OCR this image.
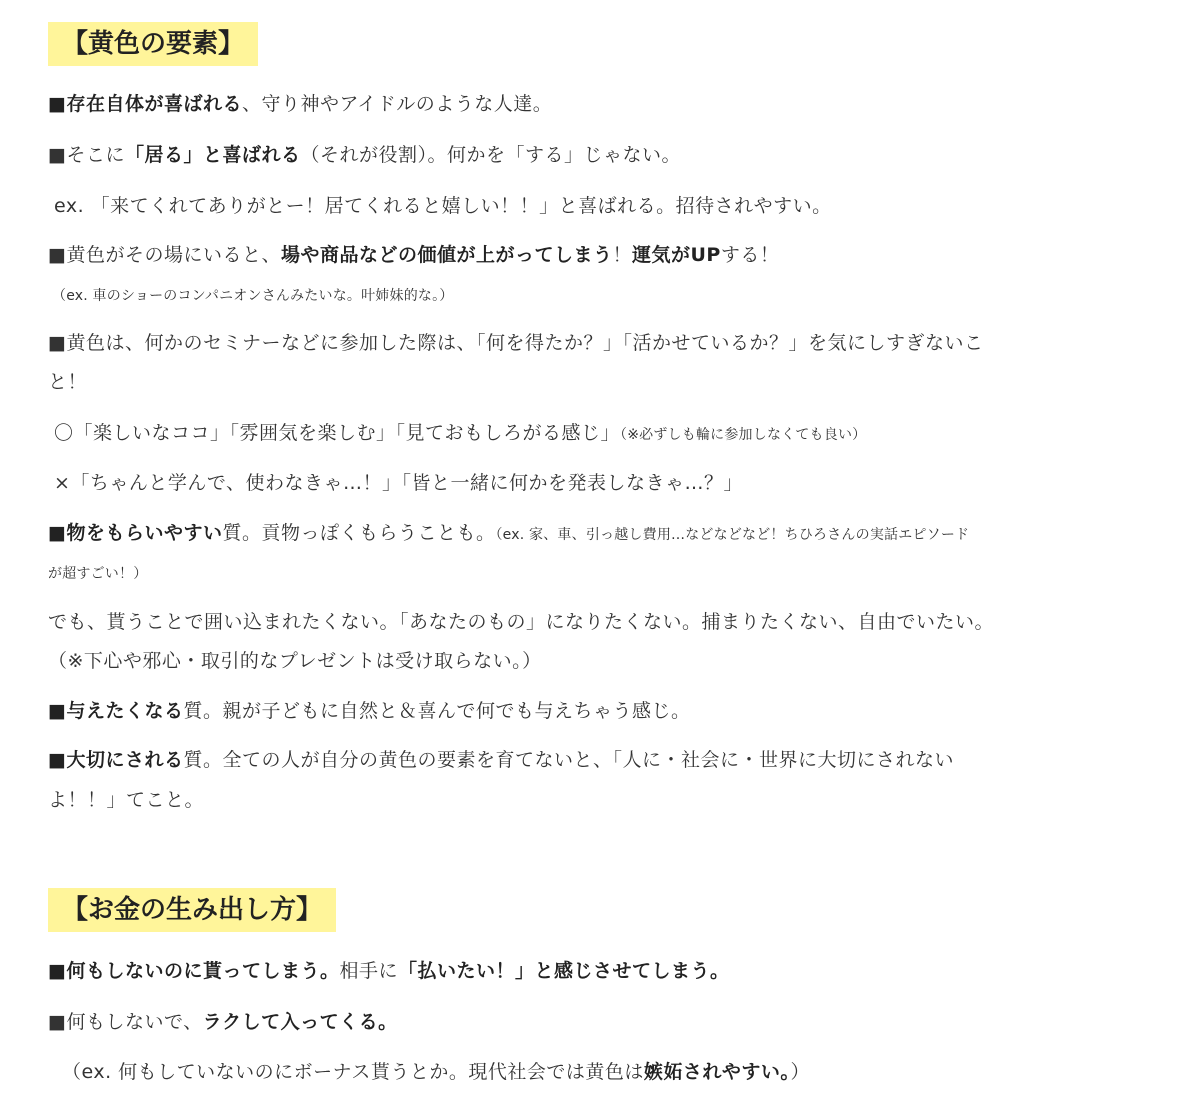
【黄色の要素】
■存在自体が喜ばれる、守り神やアイドルのような人達。
■そこに「居る」と喜ばれる（それが役割）。何かを「する」じゃない。
ex. 「来てくれてありがとー！居てくれると嬉しい！！」と喜ばれる。招待されやすい。
■黄色がその場にいると、場や商品などの価値が上がってしまう！運気がUPする！
（ex. 車のショーのコンパニオンさんみたいな。叶姉妹的な。）
■黄色は、何かのセミナーなどに参加した際は、「何を得たか？」「活かせているか？」を気にしすぎないこ
と！
〇「楽しいなココ」「雰囲気を楽しむ」「見ておもしろがる感じ」（※必ずしも輪に参加しなくても良い）
×「ちゃんと学んで、使わなきゃ…！」「皆と一緒に何かを発表しなきゃ…？」
■物をもらいやすい質。貢物っぽくもらうことも。（ex. 家、車、引っ越し費用…などなどなど！ちひろさんの実話エピソード
が超すごい！）
でも、貰うことで囲い込まれたくない。「あなたのもの」になりたくない。捕まりたくない、自由でいたい。
（※下心や邪心・取引的なプレゼントは受け取らない。）
■与えたくなる質。親が子どもに自然と＆喜んで何でも与えちゃう感じ。
■大切にされる質。全ての人が自分の黄色の要素を育てないと、「人に・社会に・世界に大切にされない
よ！！」てこと。
【お金の生み出し方】
■何もしないのに貰ってしまう。相手に「払いたい！」と感じさせてしまう。
■何もしないで、ラクして入ってくる。
（ex. 何もしていないのにボーナス貰うとか。現代社会では黄色は嫉妬されやすい。）
